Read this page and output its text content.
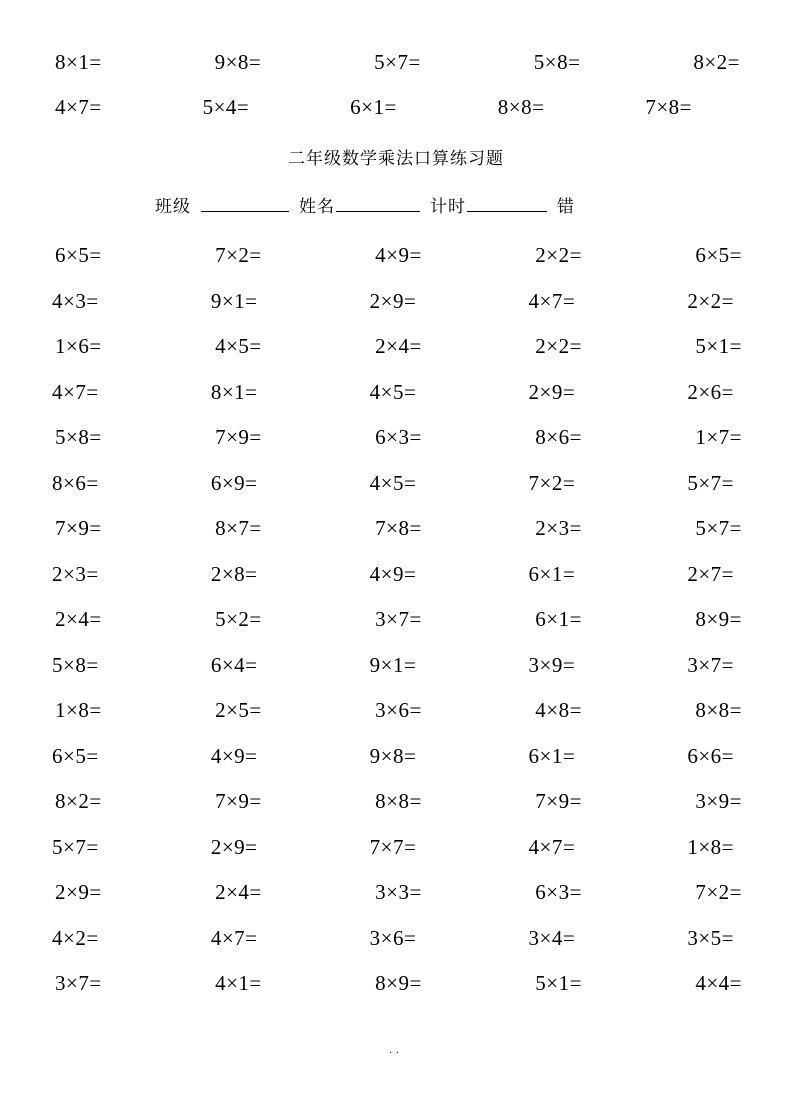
8×1=	9×8=	5×7=	5×8=	8×2=
4×7=	5×4=	6×1=	8×8=	7×8=
二年级数学乘法口算练习题
班级	姓名	计时	错
6×5=	7×2=	4×9=	2×2=	6×5=
4×3=	9×1=	2×9=	4×7=	2×2=
1×6=	4×5=	2×4=	2×2=	5×1=
4×7=	8×1=	4×5=	2×9=	2×6=
5×8=	7×9=	6×3=	8×6=	1×7=
8×6=	6×9=	4×5=	7×2=	5×7=
7×9=	8×7=	7×8=	2×3=	5×7=
2×3=	2×8=	4×9=	6×1=	2×7=
2×4=	5×2=	3×7=	6×1=	8×9=
5×8=	6×4=	9×1=	3×9=	3×7=
1×8=	2×5=	3×6=	4×8=	8×8=
6×5=	4×9=	9×8=	6×1=	6×6=
8×2=	7×9=	8×8=	7×9=	3×9=
5×7=	2×9=	7×7=	4×7=	1×8=
2×9=	2×4=	3×3=	6×3=	7×2=
4×2=	4×7=	3×6=	3×4=	3×5=
3×7=	4×1=	8×9=	5×1=	4×4=
..
